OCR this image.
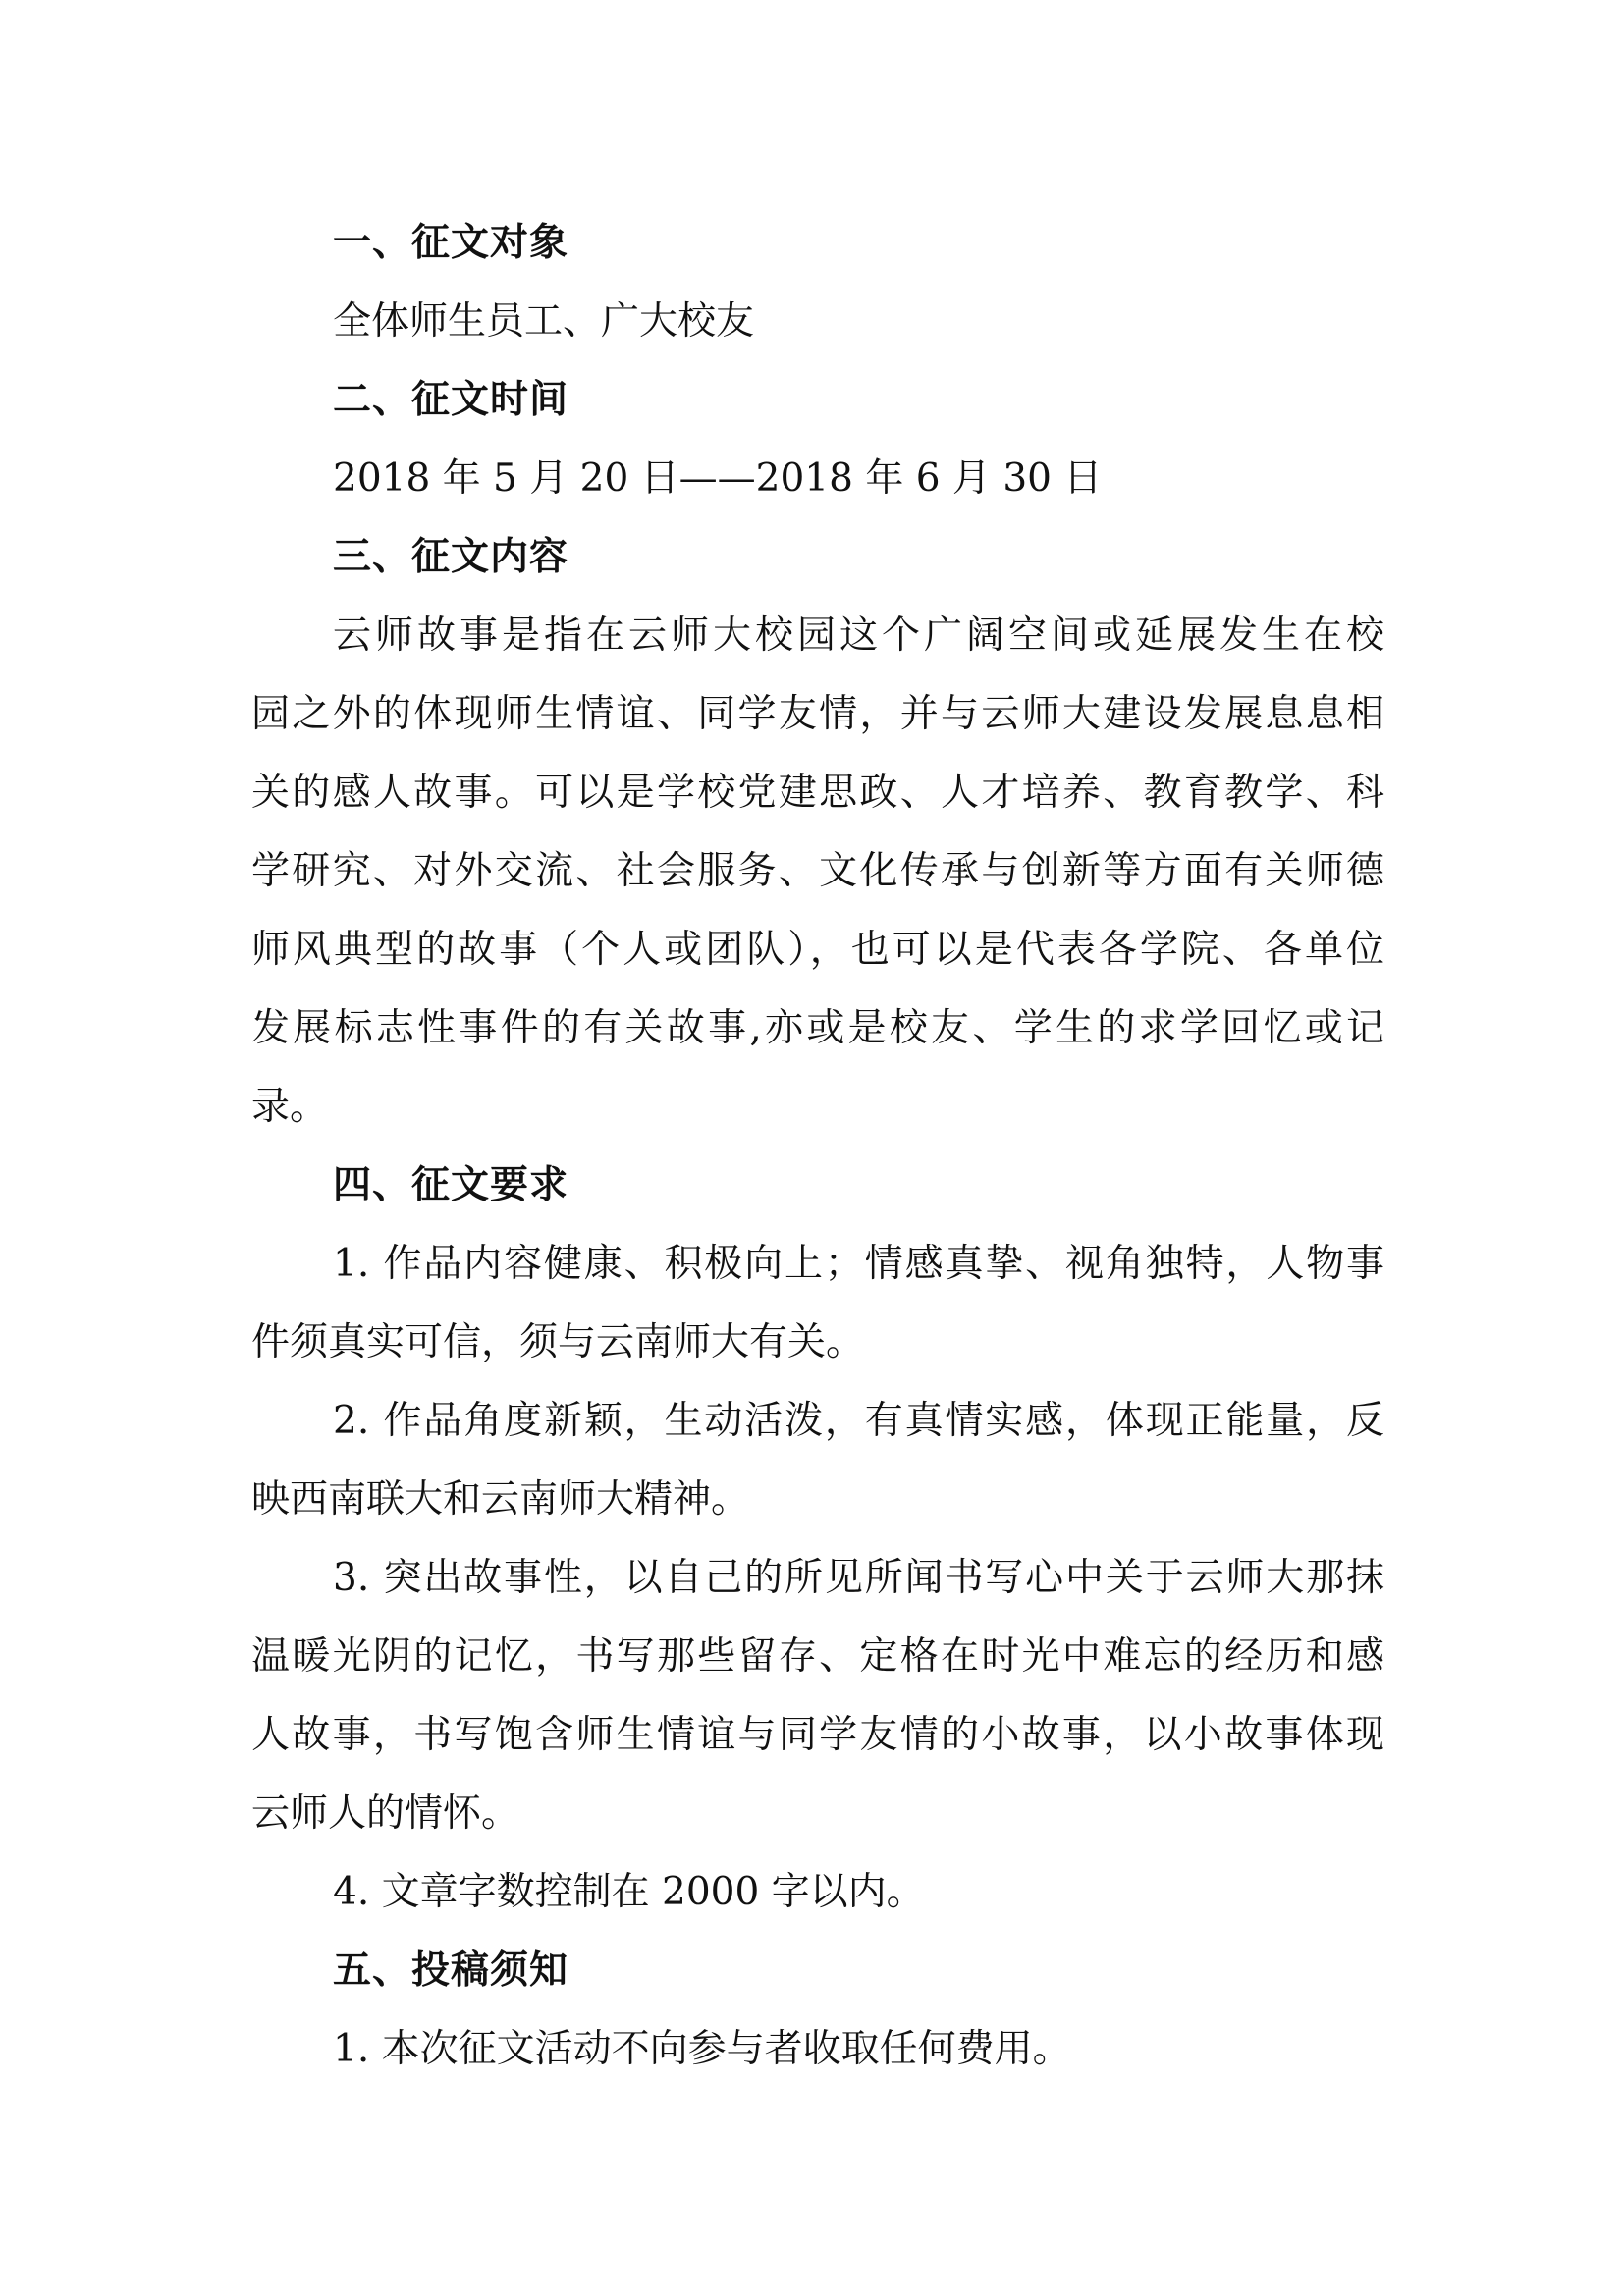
一、征文对象
全体师生员工、广大校友
二、征文时间
2018 年 5 月 20 日——2018 年 6 月 30 日
三、征文内容
云师故事是指在云师大校园这个广阔空间或延展发生在校
园之外的体现师生情谊、同学友情，并与云师大建设发展息息相
关的感人故事。可以是学校党建思政、人才培养、教育教学、科
学研究、对外交流、社会服务、文化传承与创新等方面有关师德
师风典型的故事（个人或团队），也可以是代表各学院、各单位
发展标志性事件的有关故事,亦或是校友、学生的求学回忆或记
录。
四、征文要求
1. 作品内容健康、积极向上；情感真挚、视角独特，人物事
件须真实可信，须与云南师大有关。
2. 作品角度新颖，生动活泼，有真情实感，体现正能量，反
映西南联大和云南师大精神。
3. 突出故事性，以自己的所见所闻书写心中关于云师大那抹
温暖光阴的记忆，书写那些留存、定格在时光中难忘的经历和感
人故事，书写饱含师生情谊与同学友情的小故事，以小故事体现
云师人的情怀。
4. 文章字数控制在 2000 字以内。
五、投稿须知
1. 本次征文活动不向参与者收取任何费用。
